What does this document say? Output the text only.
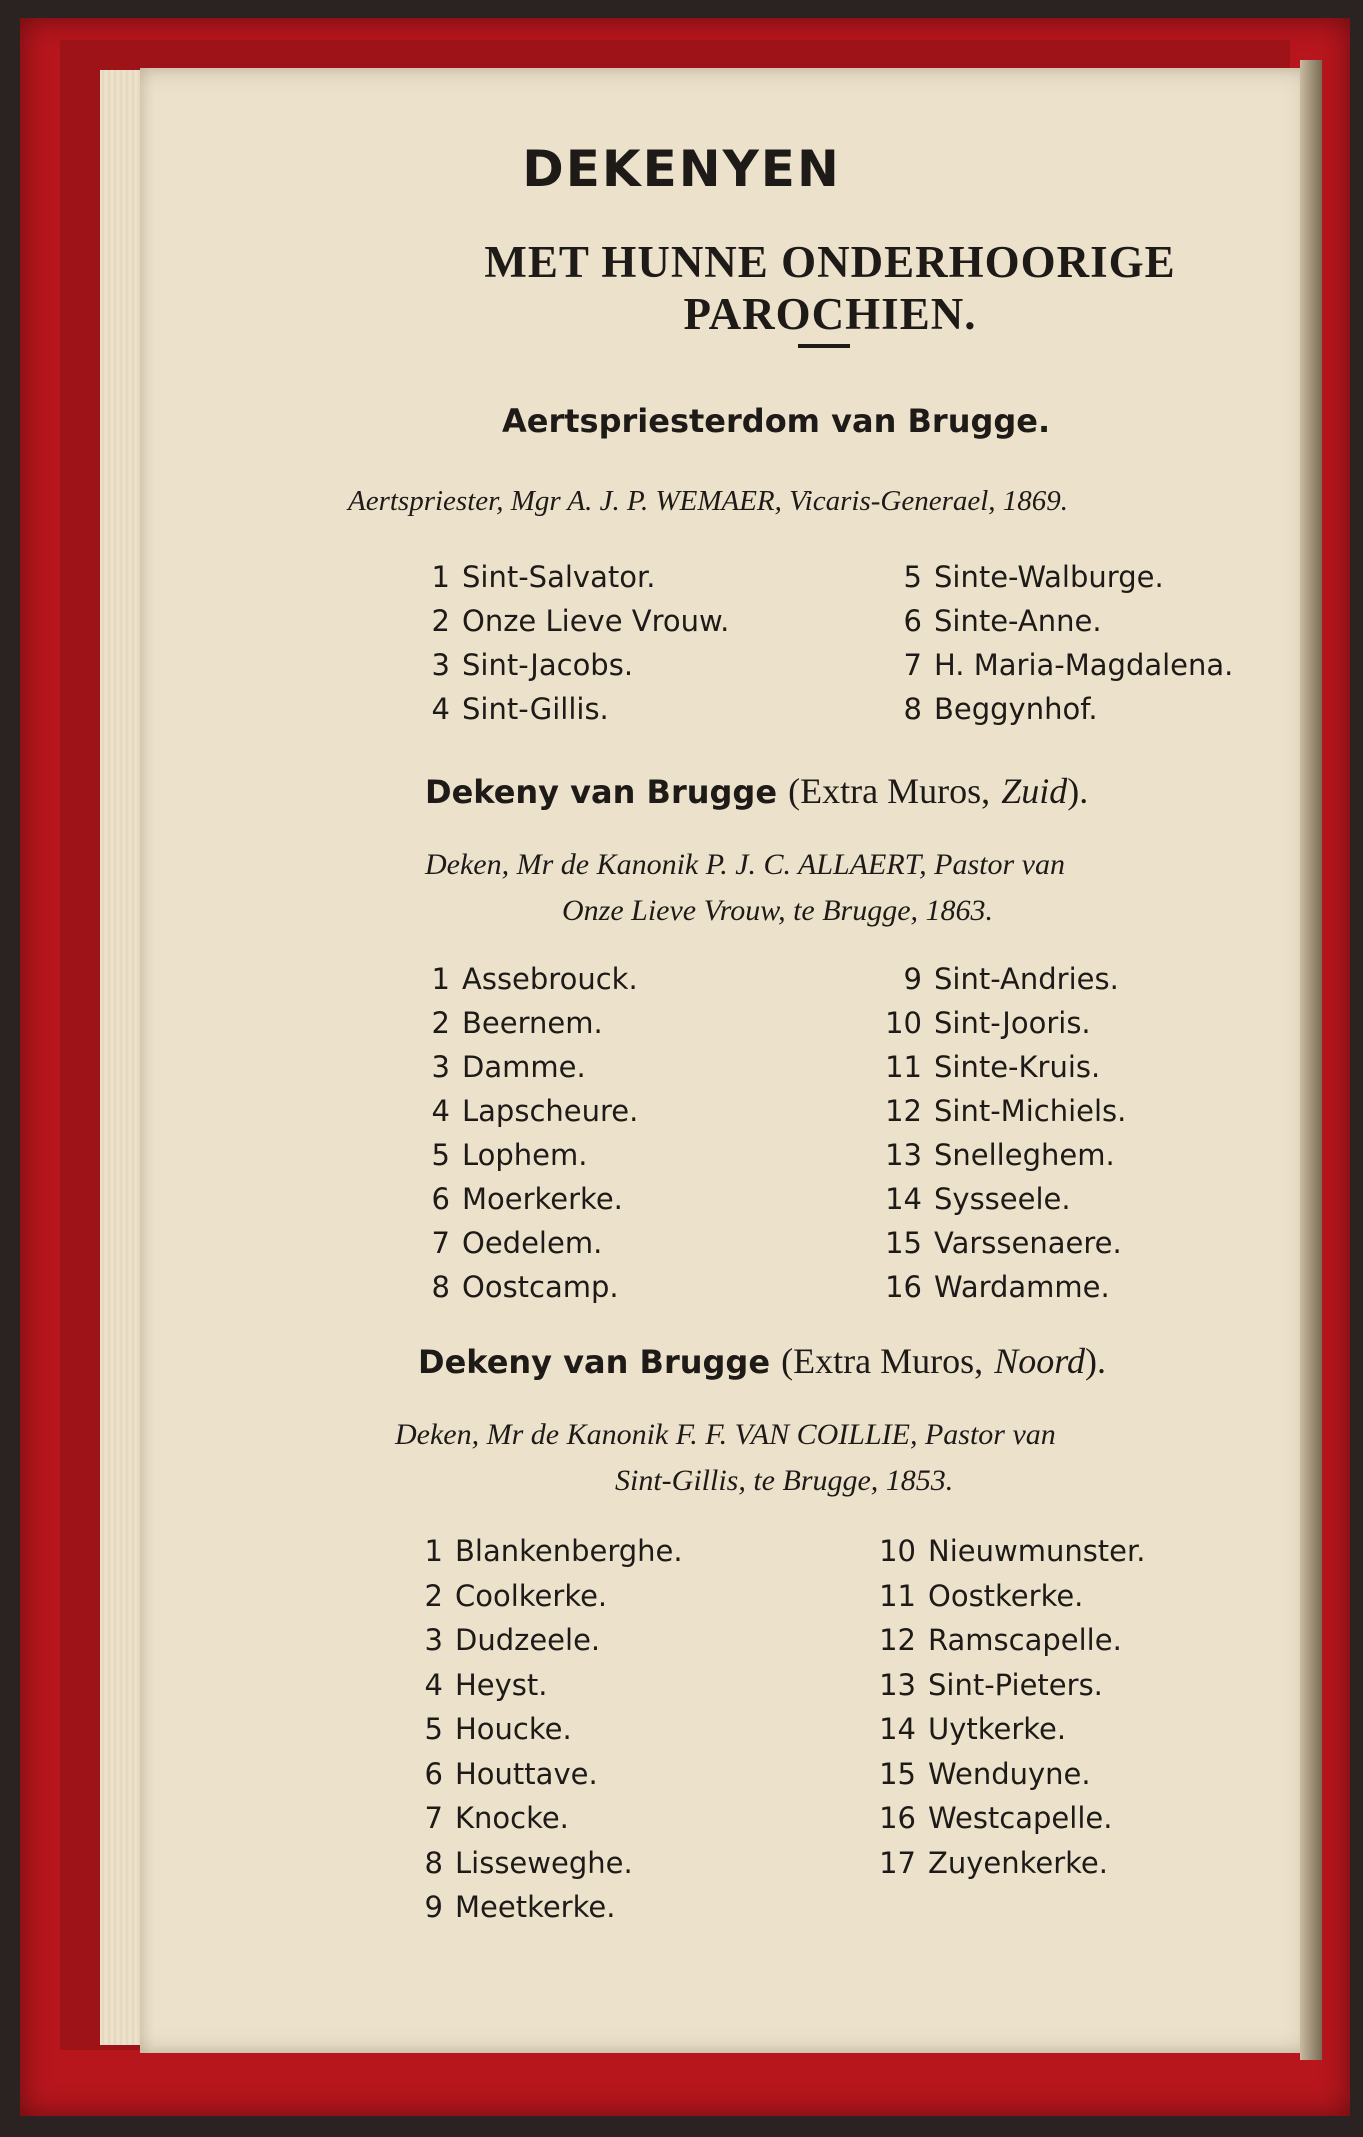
DEKENYEN
MET HUNNE ONDERHOORIGE PAROCHIEN.
Aertspriesterdom van Brugge.
Aertspriester, Mgr A. J. P. WEMAER, Vicaris-Generael, 1869.
1 Sint-Salvator.
2 Onze Lieve Vrouw.
3 Sint-Jacobs.
4 Sint-Gillis.
5 Sinte-Walburge.
6 Sinte-Anne.
7 H. Maria-Magdalena.
8 Beggynhof.
Dekeny van Brugge (Extra Muros, Zuid).
Deken, Mr de Kanonik P. J. C. ALLAERT, Pastor van
Onze Lieve Vrouw, te Brugge, 1863.
1 Assebrouck.
2 Beernem.
3 Damme.
4 Lapscheure.
5 Lophem.
6 Moerkerke.
7 Oedelem.
8 Oostcamp.
9 Sint-Andries.
10 Sint-Jooris.
11 Sinte-Kruis.
12 Sint-Michiels.
13 Snelleghem.
14 Sysseele.
15 Varssenaere.
16 Wardamme.
Dekeny van Brugge (Extra Muros, Noord).
Deken, Mr de Kanonik F. F. VAN COILLIE, Pastor van
Sint-Gillis, te Brugge, 1853.
1 Blankenberghe.
2 Coolkerke.
3 Dudzeele.
4 Heyst.
5 Houcke.
6 Houttave.
7 Knocke.
8 Lisseweghe.
9 Meetkerke.
10 Nieuwmunster.
11 Oostkerke.
12 Ramscapelle.
13 Sint-Pieters.
14 Uytkerke.
15 Wenduyne.
16 Westcapelle.
17 Zuyenkerke.
